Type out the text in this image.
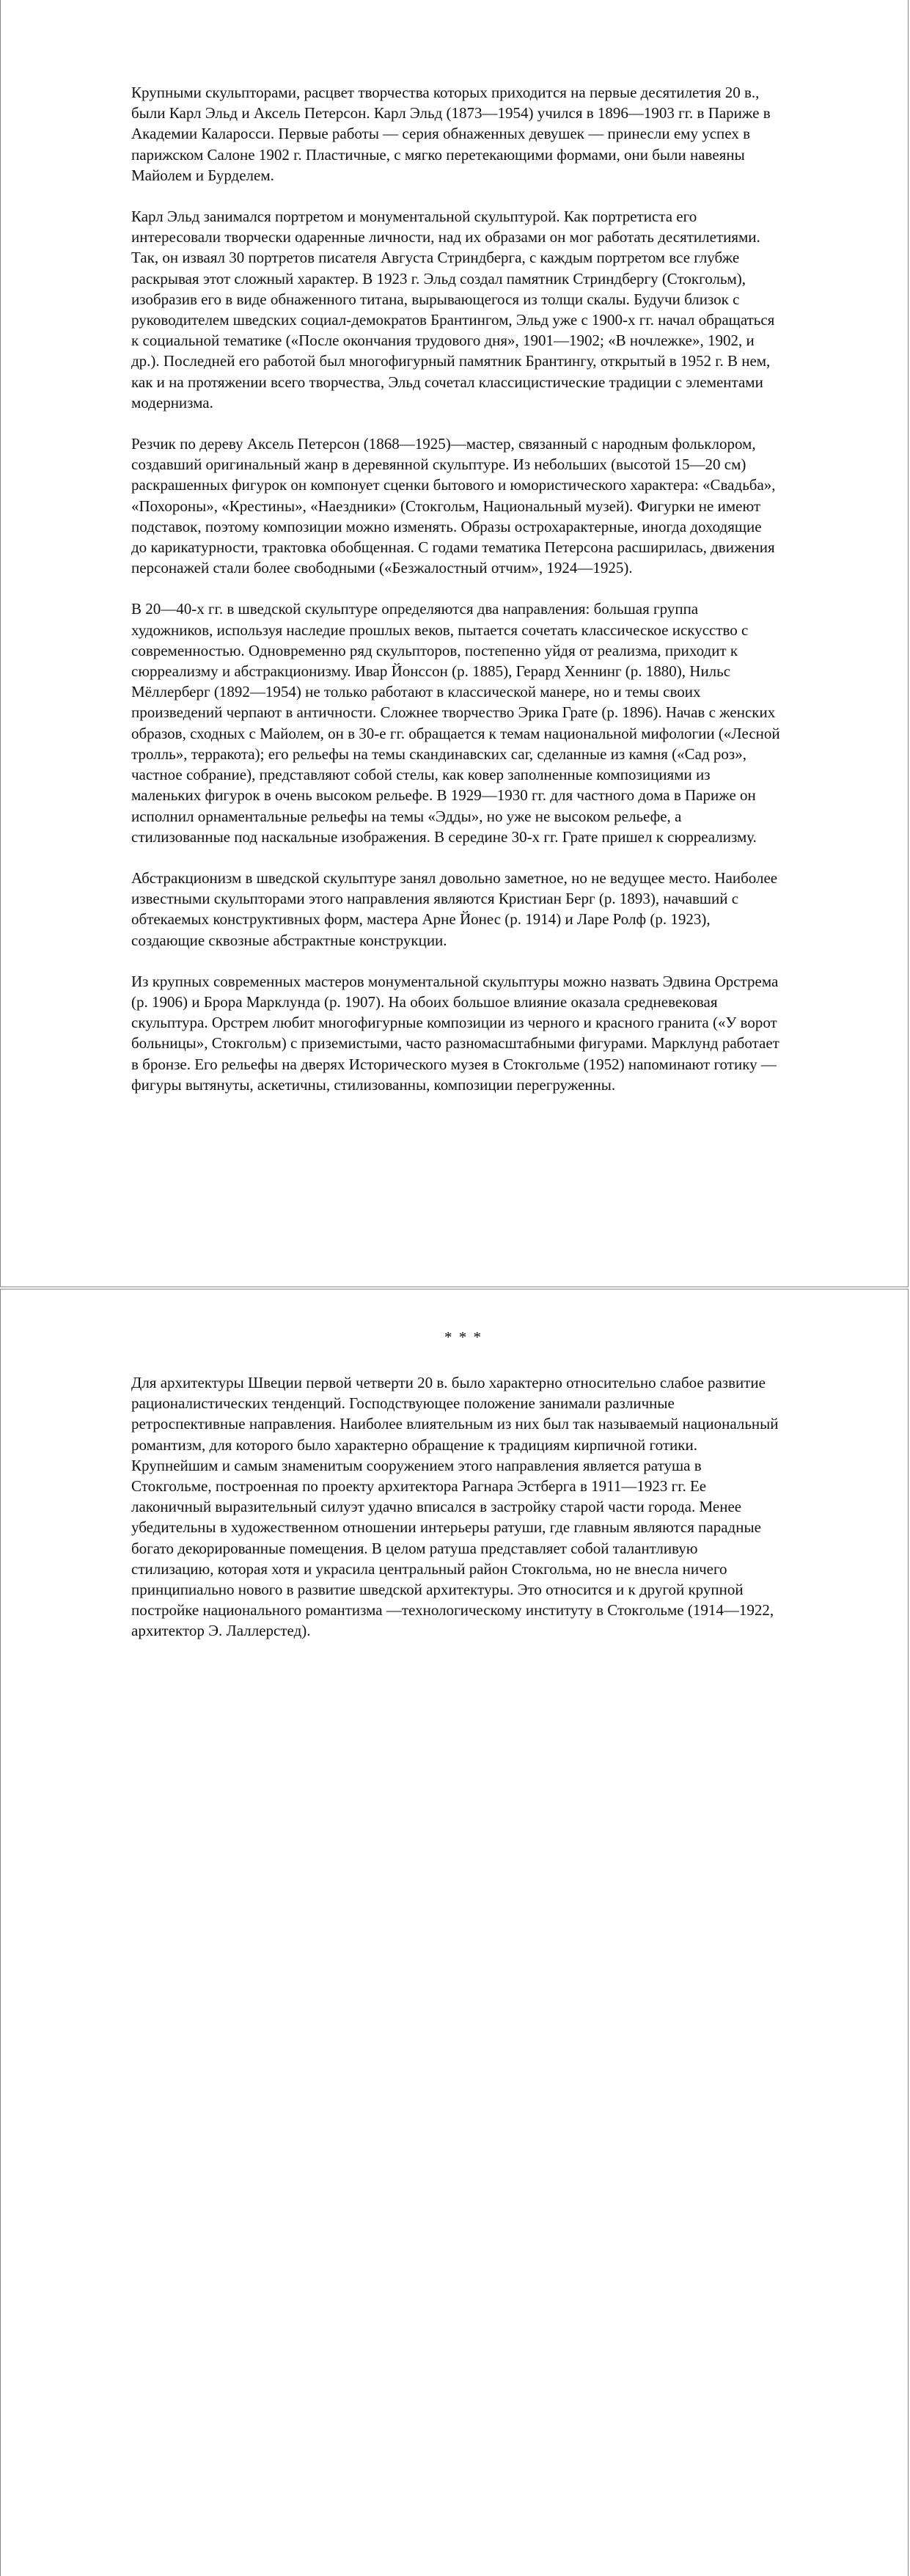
Крупными скульпторами, расцвет творчества которых приходится на первые десятилетия 20 в., были Карл Эльд и Аксель Петерсон. Карл Эльд (1873—1954) учился в 1896—1903 гг. в Париже в Академии Каларосси. Первые работы — серия обнаженных девушек — принесли ему успех в парижском Салоне 1902 г. Пластичные, с мягко перетекающими формами, они были навеяны Майолем и Бурделем.

Карл Эльд занимался портретом и монументальной скульптурой. Как портретиста его интересовали творчески одаренные личности, над их образами он мог работать десятилетиями. Так, он изваял 30 портретов писателя Августа Стриндберга, с каждым портретом все глубже раскрывая этот сложный характер. В 1923 г. Эльд создал памятник Стриндбергу (Стокгольм), изобразив его в виде обнаженного титана, вырывающегося из толщи скалы. Будучи близок с руководителем шведских социал-демократов Брантингом, Эльд уже с 1900-х гг. начал обращаться к социальной тематике («После окончания трудового дня», 1901—1902; «В ночлежке», 1902, и др.). Последней его работой был многофигурный памятник Брантингу, открытый в 1952 г. В нем, как и на протяжении всего творчества, Эльд сочетал классицистические традиции с элементами модернизма.

Резчик по дереву Аксель Петерсон (1868—1925)—мастер, связанный с народным фольклором, создавший оригинальный жанр в деревянной скульптуре. Из небольших (высотой 15—20 см) раскрашенных фигурок он компонует сценки бытового и юмористического характера: «Свадьба», «Похороны», «Крестины», «Наездники» (Стокгольм, Национальный музей). Фигурки не имеют подставок, поэтому композиции можно изменять. Образы острохарактерные, иногда доходящие до карикатурности, трактовка обобщенная. С годами тематика Петерсона расширилась, движения персонажей стали более свободными («Безжалостный отчим», 1924—1925).

В 20—40-х гг. в шведской скульптуре определяются два направления: большая группа художников, используя наследие прошлых веков, пытается сочетать классическое искусство с современностью. Одновременно ряд скульпторов, постепенно уйдя от реализма, приходит к сюрреализму и абстракционизму. Ивар Йонссон (р. 1885), Герард Хеннинг (р. 1880), Нильс Мёллерберг (1892—1954) не только работают в классической манере, но и темы своих произведений черпают в античности. Сложнее творчество Эрика Грате (р. 1896). Начав с женских образов, сходных с Майолем, он в 30-е гг. обращается к темам национальной мифологии («Лесной тролль», терракота); его рельефы на темы скандинавских саг, сделанные из камня («Сад роз», частное собрание), представляют собой стелы, как ковер заполненные композициями из маленьких фигурок в очень высоком рельефе. В 1929—1930 гг. для частного дома в Париже он исполнил орнаментальные рельефы на темы «Эдды», но уже не высоком рельефе, а стилизованные под наскальные изображения. В середине 30-х гг. Грате пришел к сюрреализму.

Абстракционизм в шведской скульптуре занял довольно заметное, но не ведущее место. Наиболее известными скульпторами этого направления являются Кристиан Берг (р. 1893), начавший с обтекаемых конструктивных форм, мастера Арне Йонес (р. 1914) и Ларе Ролф (р. 1923), создающие сквозные абстрактные конструкции.

Из крупных современных мастеров монументальной скульптуры можно назвать Эдвина Орстрема (р. 1906) и Брора Марклунда (р. 1907). На обоих большое влияние оказала средневековая скульптура. Орстрем любит многофигурные композиции из черного и красного гранита («У ворот больницы», Стокгольм) с приземистыми, часто разномасштабными фигурами. Марклунд работает в бронзе. Его рельефы на дверях Исторического музея в Стокгольме (1952) напоминают готику — фигуры вытянуты, аскетичны, стилизованны, композиции перегруженны.

* * *

Для архитектуры Швеции первой четверти 20 в. было характерно относительно слабое развитие рационалистических тенденций. Господствующее положение занимали различные ретроспективные направления. Наиболее влиятельным из них был так называемый национальный романтизм, для которого было характерно обращение к традициям кирпичной готики. Крупнейшим и самым знаменитым сооружением этого направления является ратуша в Стокгольме, построенная по проекту архитектора Рагнара Эстберга в 1911—1923 гг. Ее лаконичный выразительный силуэт удачно вписался в застройку старой части города. Менее убедительны в художественном отношении интерьеры ратуши, где главным являются парадные богато декорированные помещения. В целом ратуша представляет собой талантливую стилизацию, которая хотя и украсила центральный район Стокгольма, но не внесла ничего принципиально нового в развитие шведской архитектуры. Это относится и к другой крупной постройке национального романтизма —технологическому институту в Стокгольме (1914—1922, архитектор Э. Лаллерстед).
